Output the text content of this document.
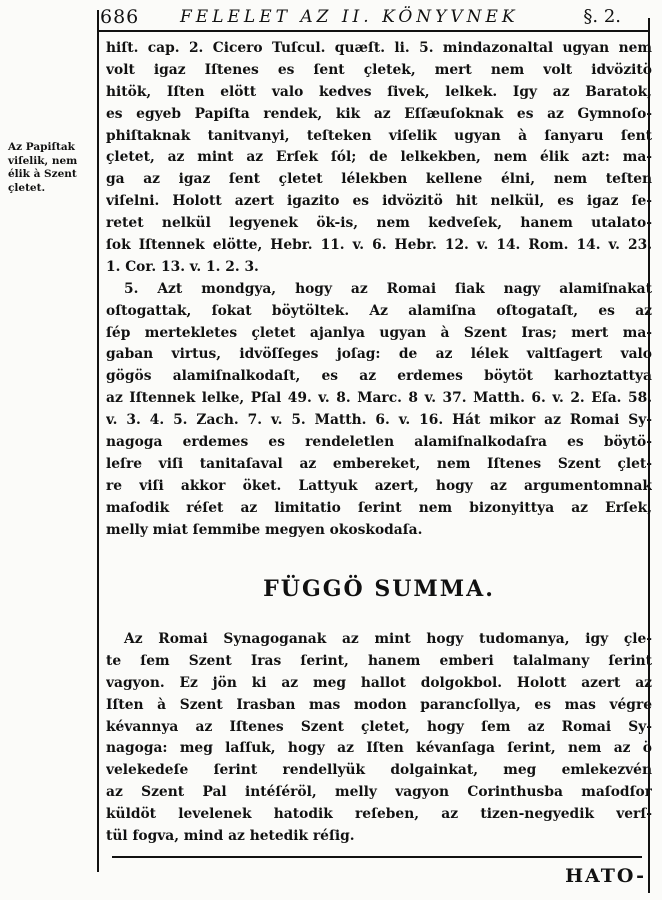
686 FELELET AZ II. KÖNYVNEK	§. 2.
Az Papiſtak
viſelik, nem
élik à Szent
çletet.
hiſt. cap. 2. Cicero Tuſcul. quæſt. li. 5. mindazonaltal ugyan nem
volt igaz Iſtenes es ſent çletek, mert nem volt idvözitö
hitök, Iſten elött valo kedves ſivek, lelkek. Igy az Baratok,
es egyeb Papiſta rendek, kik az Eſſæuſoknak es az Gymnoſo-
phiſtaknak tanitvanyi, teſteken viſelik ugyan à ſanyaru ſent
çletet, az mint az Erſek ſól; de lelkekben, nem élik azt: ma-
ga az igaz ſent çletet lélekben kellene élni, nem teſten
viſelni. Holott azert igazito es idvözitö hit nelkül, es igaz ſe-
retet nelkül legyenek ök-is, nem kedveſek, hanem utalato-
ſok Iſtennek elötte, Hebr. 11. v. 6. Hebr. 12. v. 14. Rom. 14. v. 23.
1. Cor. 13. v. 1. 2. 3.
5. Azt mondgya, hogy az Romai ſiak nagy alamiſnakat
oſtogattak, ſokat böytöltek. Az alamiſna oſtogataſt, es az
ſép mertekletes çletet ajanlya ugyan à Szent Iras; mert ma-
gaban virtus, idvöſſeges joſag: de az lélek valtſagert valo
gögös alamiſnalkodaſt, es az erdemes böytöt karhoztattya
az Iſtennek lelke, Pſal 49. v. 8. Marc. 8 v. 37. Matth. 6. v. 2. Eſa. 58.
v. 3. 4. 5. Zach. 7. v. 5. Matth. 6. v. 16. Hát mikor az Romai Sy-
nagoga erdemes es rendeletlen alamiſnalkodaſra es böytö-
leſre viſi tanitaſaval az embereket, nem Iſtenes Szent çlet-
re viſi akkor öket. Lattyuk azert, hogy az argumentomnak
maſodik réſet az limitatio ſerint nem bizonyittya az Erſek,
melly miat ſemmibe megyen okoskodaſa.
FÜGGÖ SUMMA.
Az Romai Synagoganak az mint hogy tudomanya, igy çle-
te ſem Szent Iras ſerint, hanem emberi talalmany ſerint
vagyon. Ez jön ki az meg hallot dolgokbol. Holott azert az
Iſten à Szent Irasban mas modon parancſollya, es mas végre
kévannya az Iſtenes Szent çletet, hogy ſem az Romai Sy-
nagoga: meg laſſuk, hogy az Iſten kévanſaga ſerint, nem az ö
velekedeſe ſerint rendellyük dolgainkat, meg emlekezvén
az Szent Pal intéſéröl, melly vagyon Corinthusba maſodſor
küldöt levelenek hatodik reſeben, az tizen-negyedik verſ-
tül fogva, mind az hetedik réſig.
HATO-
